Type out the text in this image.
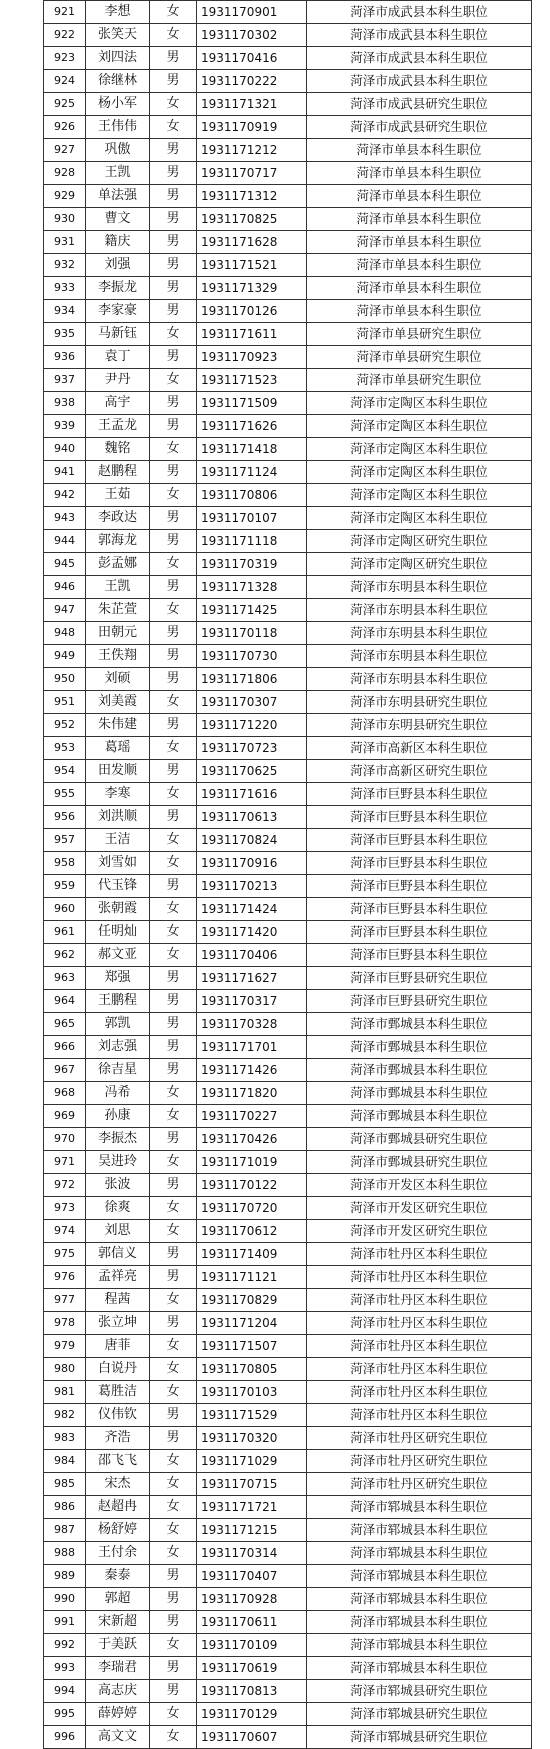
921	李想	女	1931170901	菏泽市成武县本科生职位
922	张笑天	女	1931170302	菏泽市成武县本科生职位
923	刘四法	男	1931170416	菏泽市成武县本科生职位
924	徐继林	男	1931170222	菏泽市成武县本科生职位
925	杨小军	女	1931171321	菏泽市成武县研究生职位
926	王伟伟	女	1931170919	菏泽市成武县研究生职位
927	巩傲	男	1931171212	菏泽市单县本科生职位
928	王凯	男	1931170717	菏泽市单县本科生职位
929	单法强	男	1931171312	菏泽市单县本科生职位
930	曹文	男	1931170825	菏泽市单县本科生职位
931	籍庆	男	1931171628	菏泽市单县本科生职位
932	刘强	男	1931171521	菏泽市单县本科生职位
933	李振龙	男	1931171329	菏泽市单县本科生职位
934	李家豪	男	1931170126	菏泽市单县本科生职位
935	马新钰	女	1931171611	菏泽市单县研究生职位
936	袁丁	男	1931170923	菏泽市单县研究生职位
937	尹丹	女	1931171523	菏泽市单县研究生职位
938	高宇	男	1931171509	菏泽市定陶区本科生职位
939	王孟龙	男	1931171626	菏泽市定陶区本科生职位
940	魏铭	女	1931171418	菏泽市定陶区本科生职位
941	赵鹏程	男	1931171124	菏泽市定陶区本科生职位
942	王茹	女	1931170806	菏泽市定陶区本科生职位
943	李政达	男	1931170107	菏泽市定陶区本科生职位
944	郭海龙	男	1931171118	菏泽市定陶区研究生职位
945	彭孟娜	女	1931170319	菏泽市定陶区研究生职位
946	王凯	男	1931171328	菏泽市东明县本科生职位
947	朱芷萱	女	1931171425	菏泽市东明县本科生职位
948	田朝元	男	1931170118	菏泽市东明县本科生职位
949	王佚翔	男	1931170730	菏泽市东明县本科生职位
950	刘硕	男	1931171806	菏泽市东明县本科生职位
951	刘美霞	女	1931170307	菏泽市东明县研究生职位
952	朱伟建	男	1931171220	菏泽市东明县研究生职位
953	葛瑶	女	1931170723	菏泽市高新区本科生职位
954	田发顺	男	1931170625	菏泽市高新区研究生职位
955	李寒	女	1931171616	菏泽市巨野县本科生职位
956	刘洪顺	男	1931170613	菏泽市巨野县本科生职位
957	王洁	女	1931170824	菏泽市巨野县本科生职位
958	刘雪如	女	1931170916	菏泽市巨野县本科生职位
959	代玉锋	男	1931170213	菏泽市巨野县本科生职位
960	张朝霞	女	1931171424	菏泽市巨野县本科生职位
961	任明灿	女	1931171420	菏泽市巨野县本科生职位
962	郝文亚	女	1931170406	菏泽市巨野县本科生职位
963	郑强	男	1931171627	菏泽市巨野县研究生职位
964	王鹏程	男	1931170317	菏泽市巨野县研究生职位
965	郭凯	男	1931170328	菏泽市鄄城县本科生职位
966	刘志强	男	1931171701	菏泽市鄄城县本科生职位
967	徐吉星	男	1931171426	菏泽市鄄城县本科生职位
968	冯希	女	1931171820	菏泽市鄄城县本科生职位
969	孙康	女	1931170227	菏泽市鄄城县本科生职位
970	李振杰	男	1931170426	菏泽市鄄城县研究生职位
971	吴进玲	女	1931171019	菏泽市鄄城县研究生职位
972	张波	男	1931170122	菏泽市开发区本科生职位
973	徐爽	女	1931170720	菏泽市开发区研究生职位
974	刘思	女	1931170612	菏泽市开发区研究生职位
975	郭信义	男	1931171409	菏泽市牡丹区本科生职位
976	孟祥亮	男	1931171121	菏泽市牡丹区本科生职位
977	程茜	女	1931170829	菏泽市牡丹区本科生职位
978	张立坤	男	1931171204	菏泽市牡丹区本科生职位
979	唐菲	女	1931171507	菏泽市牡丹区本科生职位
980	白说丹	女	1931170805	菏泽市牡丹区本科生职位
981	葛胜洁	女	1931170103	菏泽市牡丹区本科生职位
982	仪伟钦	男	1931171529	菏泽市牡丹区本科生职位
983	齐浩	男	1931170320	菏泽市牡丹区研究生职位
984	邵飞飞	女	1931171029	菏泽市牡丹区研究生职位
985	宋杰	女	1931170715	菏泽市牡丹区研究生职位
986	赵超冉	女	1931171721	菏泽市郓城县本科生职位
987	杨舒婷	女	1931171215	菏泽市郓城县本科生职位
988	王付余	女	1931170314	菏泽市郓城县本科生职位
989	秦泰	男	1931170407	菏泽市郓城县本科生职位
990	郭超	男	1931170928	菏泽市郓城县本科生职位
991	宋新超	男	1931170611	菏泽市郓城县本科生职位
992	于美跃	女	1931170109	菏泽市郓城县本科生职位
993	李瑞君	男	1931170619	菏泽市郓城县本科生职位
994	高志庆	男	1931170813	菏泽市郓城县研究生职位
995	薛婷婷	女	1931170129	菏泽市郓城县研究生职位
996	高文文	女	1931170607	菏泽市郓城县研究生职位
